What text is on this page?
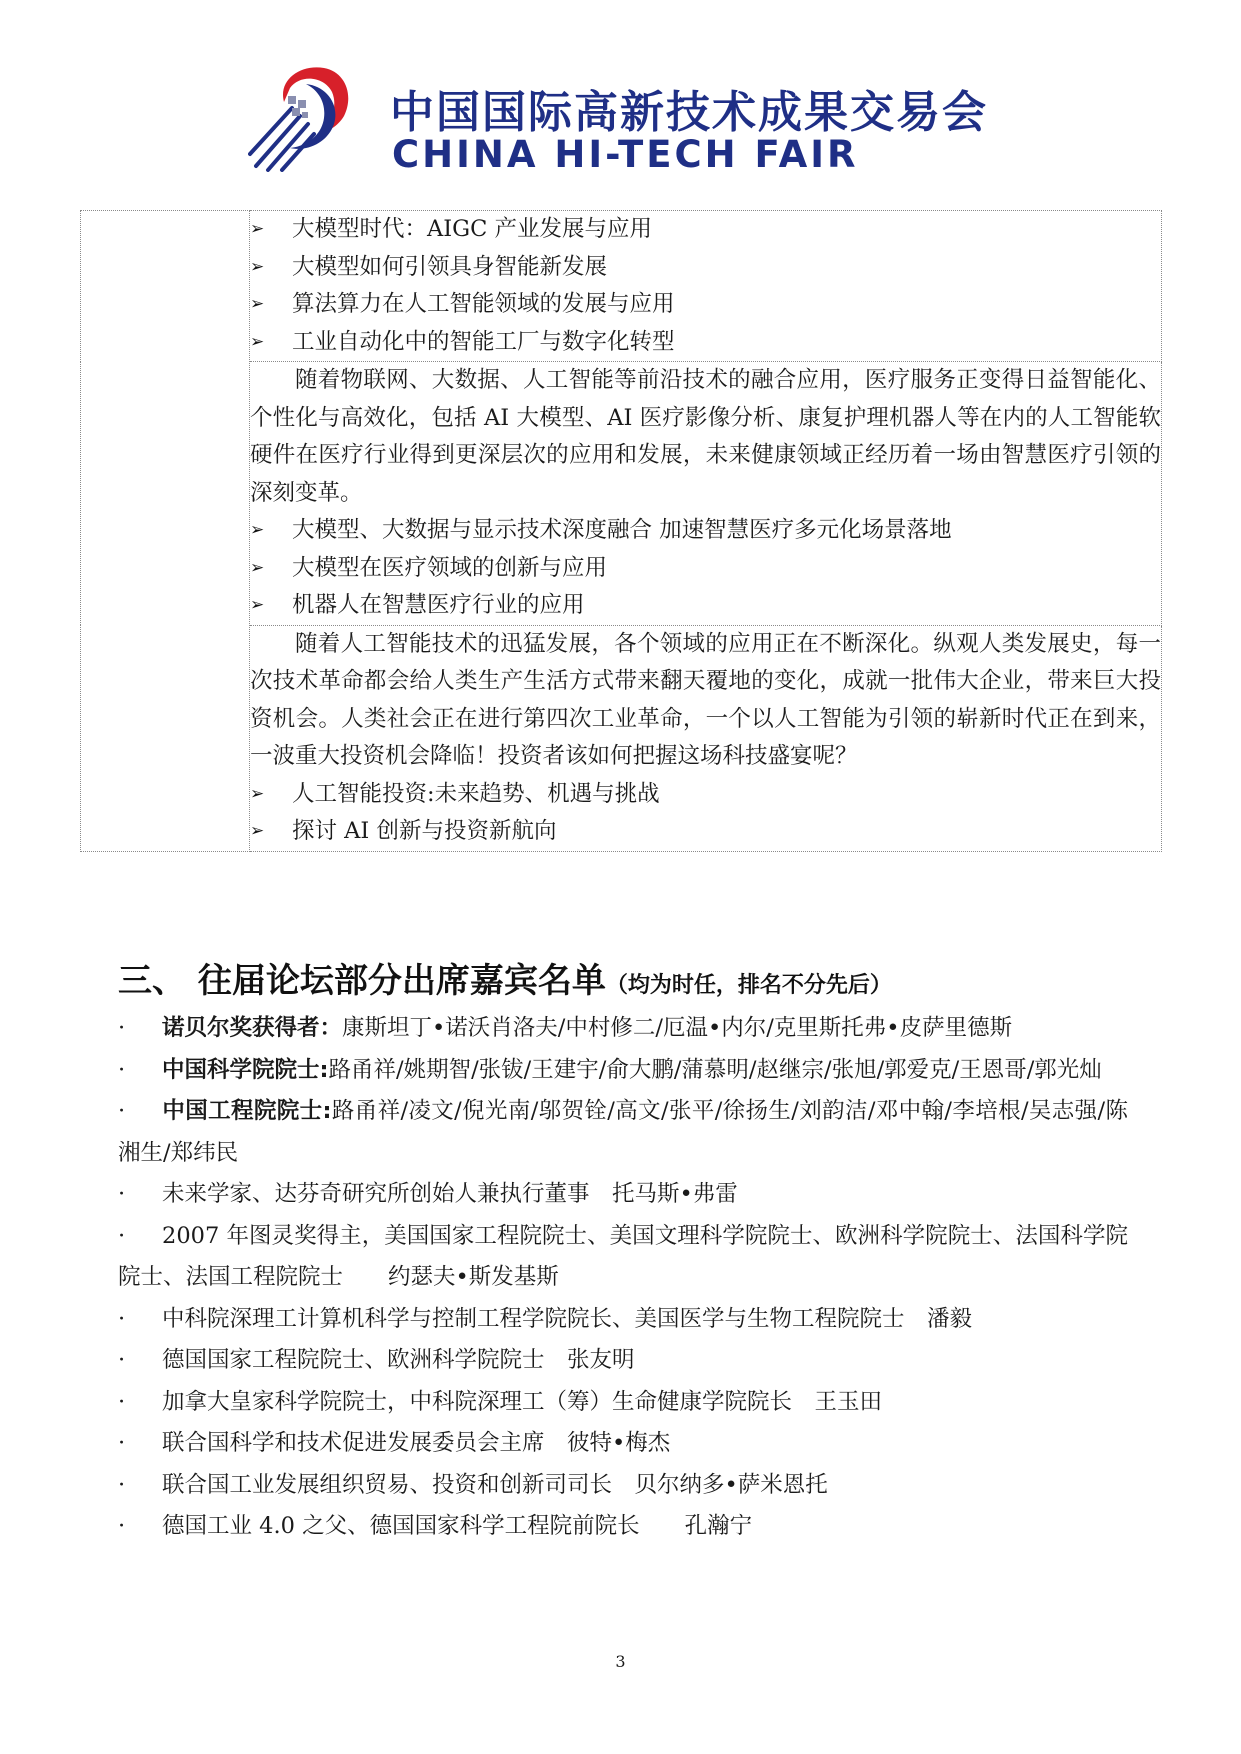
中国国际高新技术成果交易会
CHINA HI-TECH FAIR

➢	大模型时代：AIGC 产业发展与应用
➢	大模型如何引领具身智能新发展
➢	算法算力在人工智能领域的发展与应用
➢	工业自动化中的智能工厂与数字化转型

随着物联网、大数据、人工智能等前沿技术的融合应用，医疗服务正变得日益智能化、个性化与高效化，包括 AI 大模型、AI 医疗影像分析、康复护理机器人等在内的人工智能软硬件在医疗行业得到更深层次的应用和发展，未来健康领域正经历着一场由智慧医疗引领的深刻变革。

➢	大模型、大数据与显示技术深度融合 加速智慧医疗多元化场景落地
➢	大模型在医疗领域的创新与应用
➢	机器人在智慧医疗行业的应用

随着人工智能技术的迅猛发展，各个领域的应用正在不断深化。纵观人类发展史，每一次技术革命都会给人类生产生活方式带来翻天覆地的变化，成就一批伟大企业，带来巨大投资机会。人类社会正在进行第四次工业革命，一个以人工智能为引领的崭新时代正在到来，一波重大投资机会降临！投资者该如何把握这场科技盛宴呢？

➢	人工智能投资:未来趋势、机遇与挑战
➢	探讨 AI 创新与投资新航向
三、 往届论坛部分出席嘉宾名单（均为时任，排名不分先后）
· 诺贝尔奖获得者：康斯坦丁•诺沃肖洛夫/中村修二/厄温•内尔/克里斯托弗•皮萨里德斯
· 中国科学院院士:路甬祥/姚期智/张钹/王建宇/俞大鹏/蒲慕明/赵继宗/张旭/郭爱克/王恩哥/郭光灿
· 中国工程院院士:路甬祥/凌文/倪光南/邬贺铨/高文/张平/徐扬生/刘韵洁/邓中翰/李培根/吴志强/陈湘生/郑纬民
· 未来学家、达芬奇研究所创始人兼执行董事　托马斯•弗雷
· 2007 年图灵奖得主，美国国家工程院院士、美国文理科学院院士、欧洲科学院院士、法国科学院院士、法国工程院院士　　约瑟夫•斯发基斯
· 中科院深理工计算机科学与控制工程学院院长、美国医学与生物工程院院士　潘毅
· 德国国家工程院院士、欧洲科学院院士　张友明
· 加拿大皇家科学院院士，中科院深理工（筹）生命健康学院院长　王玉田
· 联合国科学和技术促进发展委员会主席　彼特•梅杰
· 联合国工业发展组织贸易、投资和创新司司长　贝尔纳多•萨米恩托
· 德国工业 4.0 之父、德国国家科学工程院前院长　　孔瀚宁
3
